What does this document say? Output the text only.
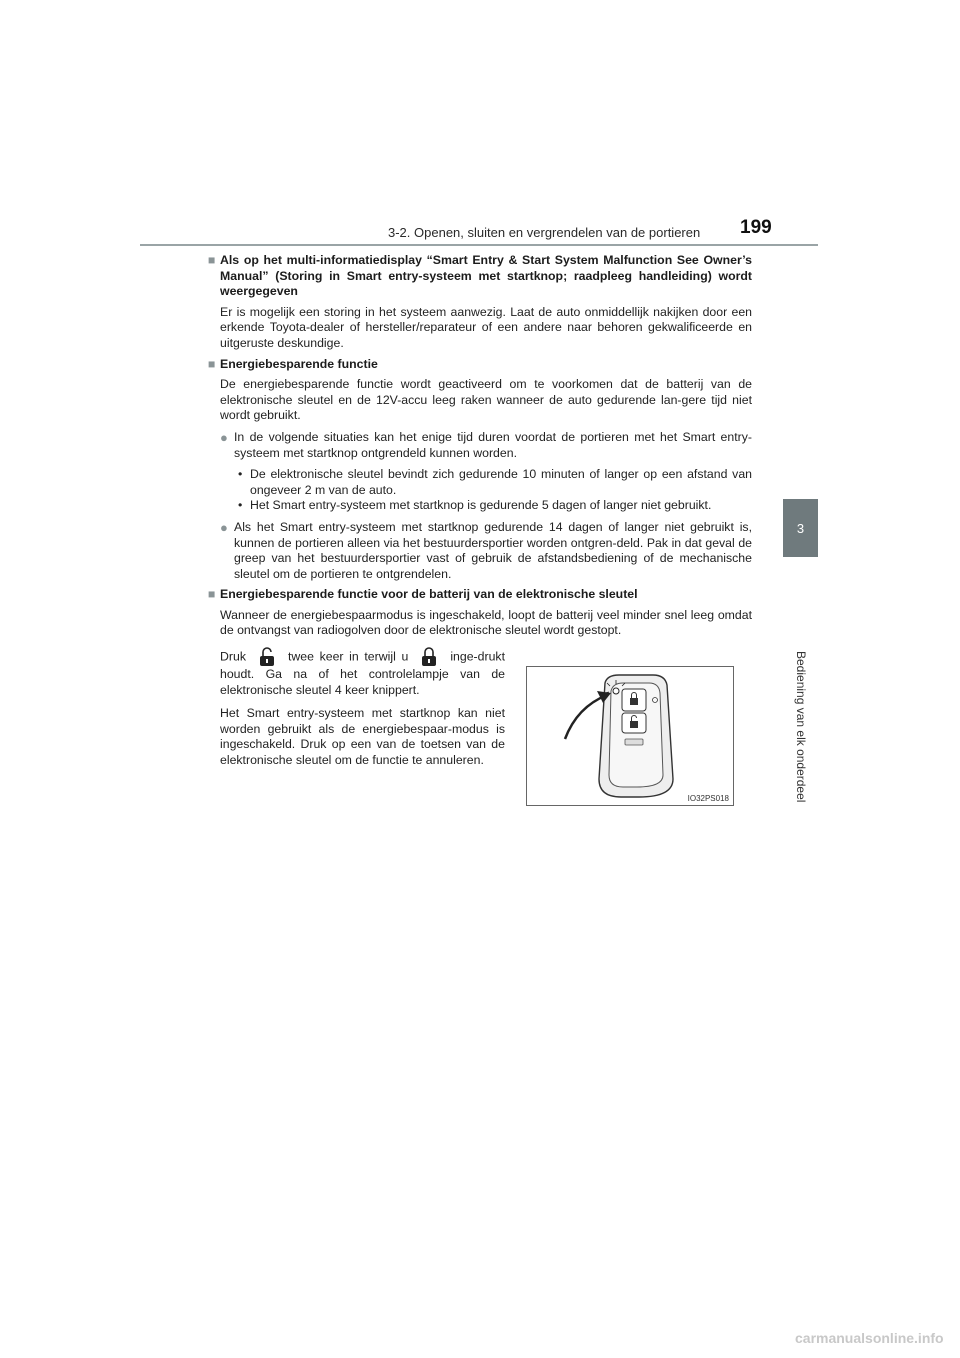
3-2. Openen, sluiten en vergrendelen van de portieren 199
3
Bediening van elk onderdeel
■ Als op het multi-informatiedisplay “Smart Entry & Start System Malfunction See Owner’s Manual” (Storing in Smart entry-systeem met startknop; raadpleeg handleiding) wordt weergegeven
Er is mogelijk een storing in het systeem aanwezig. Laat de auto onmiddellijk nakijken door een erkende Toyota-dealer of hersteller/reparateur of een andere naar behoren gekwalificeerde en uitgeruste deskundige.
■ Energiebesparende functie
De energiebesparende functie wordt geactiveerd om te voorkomen dat de batterij van de elektronische sleutel en de 12V-accu leeg raken wanneer de auto gedurende lan-gere tijd niet wordt gebruikt.
● In de volgende situaties kan het enige tijd duren voordat de portieren met het Smart entry-systeem met startknop ontgrendeld kunnen worden.
• De elektronische sleutel bevindt zich gedurende 10 minuten of langer op een afstand van ongeveer 2 m van de auto.
• Het Smart entry-systeem met startknop is gedurende 5 dagen of langer niet gebruikt.
● Als het Smart entry-systeem met startknop gedurende 14 dagen of langer niet gebruikt is, kunnen de portieren alleen via het bestuurdersportier worden ontgren-deld. Pak in dat geval de greep van het bestuurdersportier vast of gebruik de afstandsbediening of de mechanische sleutel om de portieren te ontgrendelen.
■ Energiebesparende functie voor de batterij van de elektronische sleutel
Wanneer de energiebespaarmodus is ingeschakeld, loopt de batterij veel minder snel leeg omdat de ontvangst van radiogolven door de elektronische sleutel wordt gestopt.

Druk	twee keer in terwijl u	inge-drukt houdt. Ga na of het controlelampje van de elektronische sleutel 4 keer knippert.

Het Smart entry-systeem met startknop kan niet worden gebruikt als de energiebespaar-modus is ingeschakeld. Druk op een van de toetsen van de elektronische sleutel om de functie te annuleren.

IO32PS018
carmanualsonline.info
